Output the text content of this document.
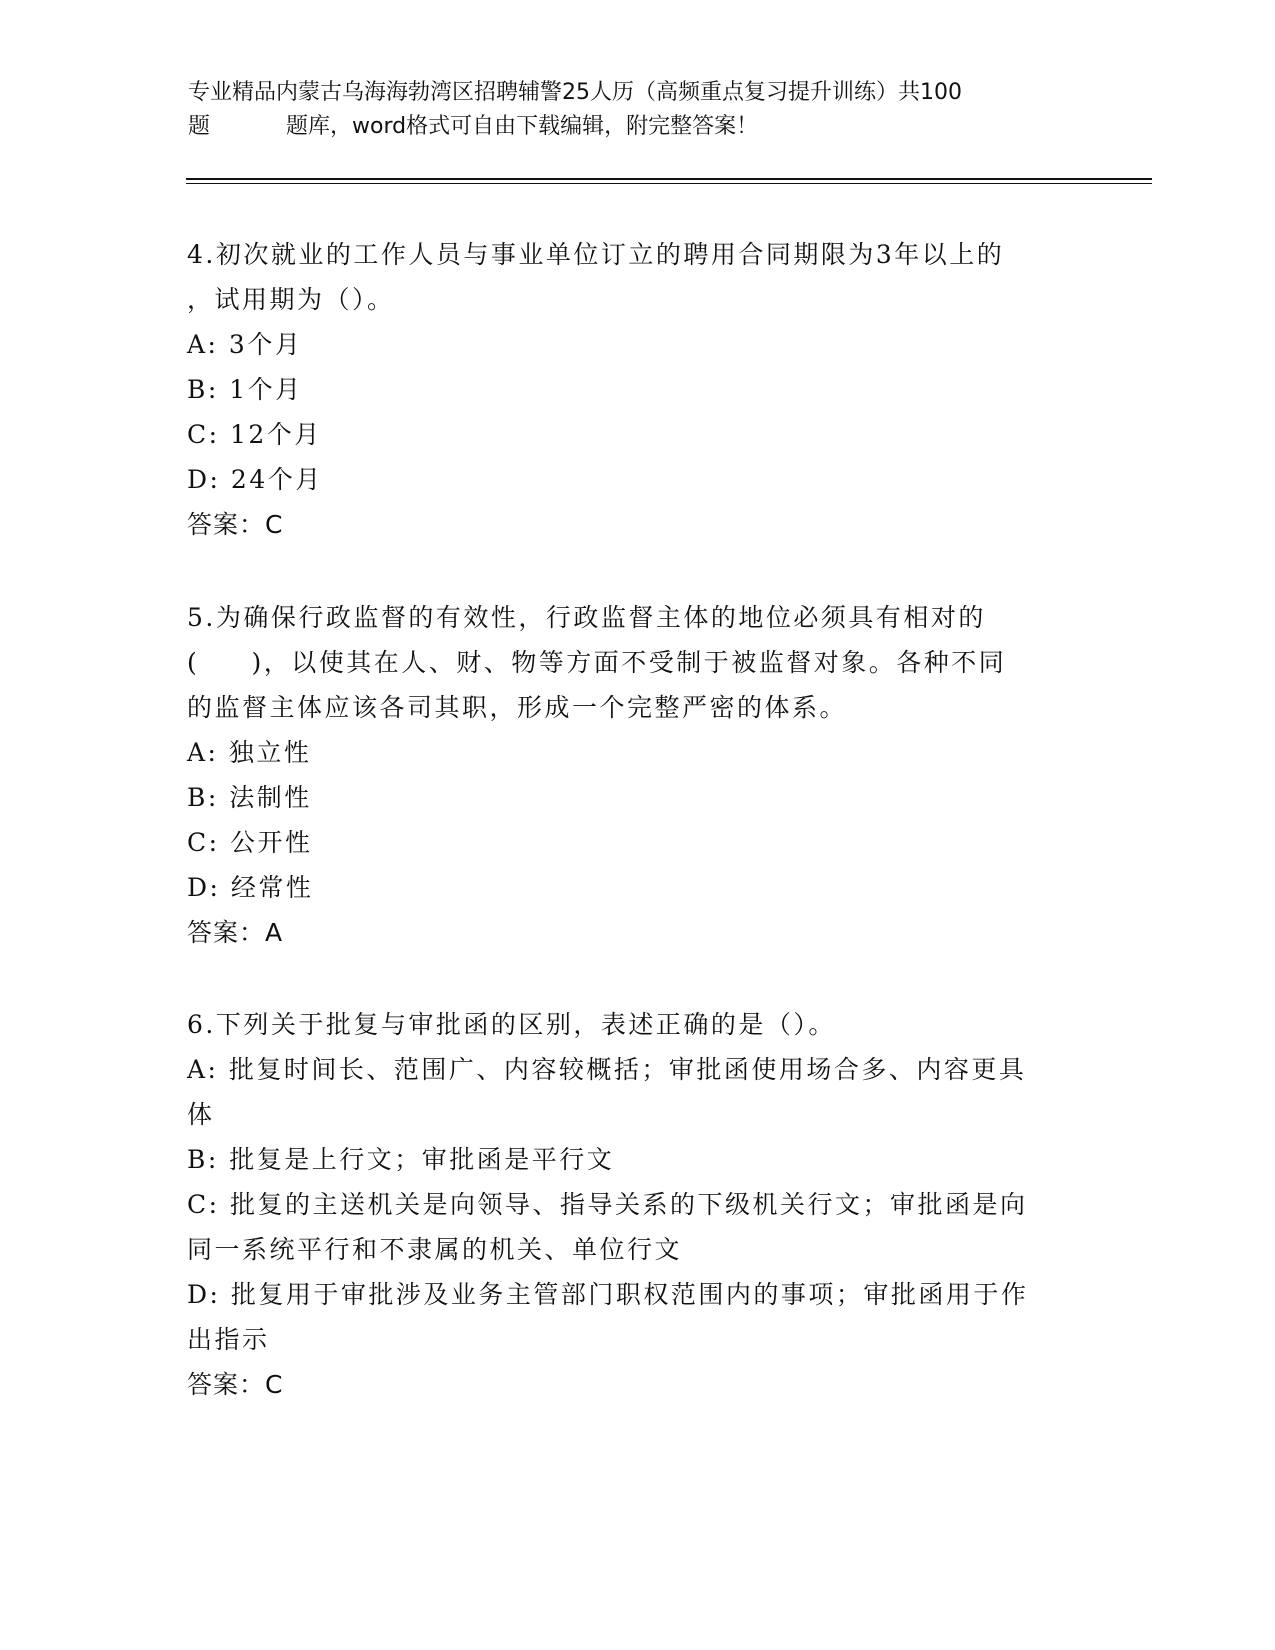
专业精品内蒙古乌海海勃湾区招聘辅警25人历（高频重点复习提升训练）共100
题	题库，word格式可自由下载编辑，附完整答案！
4.初次就业的工作人员与事业单位订立的聘用合同期限为3年以上的
，试用期为（）。
A: 3个月
B: 1个月
C: 12个月
D: 24个月
答案：C
5.为确保行政监督的有效性，行政监督主体的地位必须具有相对的
(     )，以使其在人、财、物等方面不受制于被监督对象。各种不同
的监督主体应该各司其职，形成一个完整严密的体系。
A: 独立性
B: 法制性
C: 公开性
D: 经常性
答案：A
6.下列关于批复与审批函的区别，表述正确的是（）。
A: 批复时间长、范围广、内容较概括；审批函使用场合多、内容更具
体
B: 批复是上行文；审批函是平行文
C: 批复的主送机关是向领导、指导关系的下级机关行文；审批函是向
同一系统平行和不隶属的机关、单位行文
D: 批复用于审批涉及业务主管部门职权范围内的事项；审批函用于作
出指示
答案：C
